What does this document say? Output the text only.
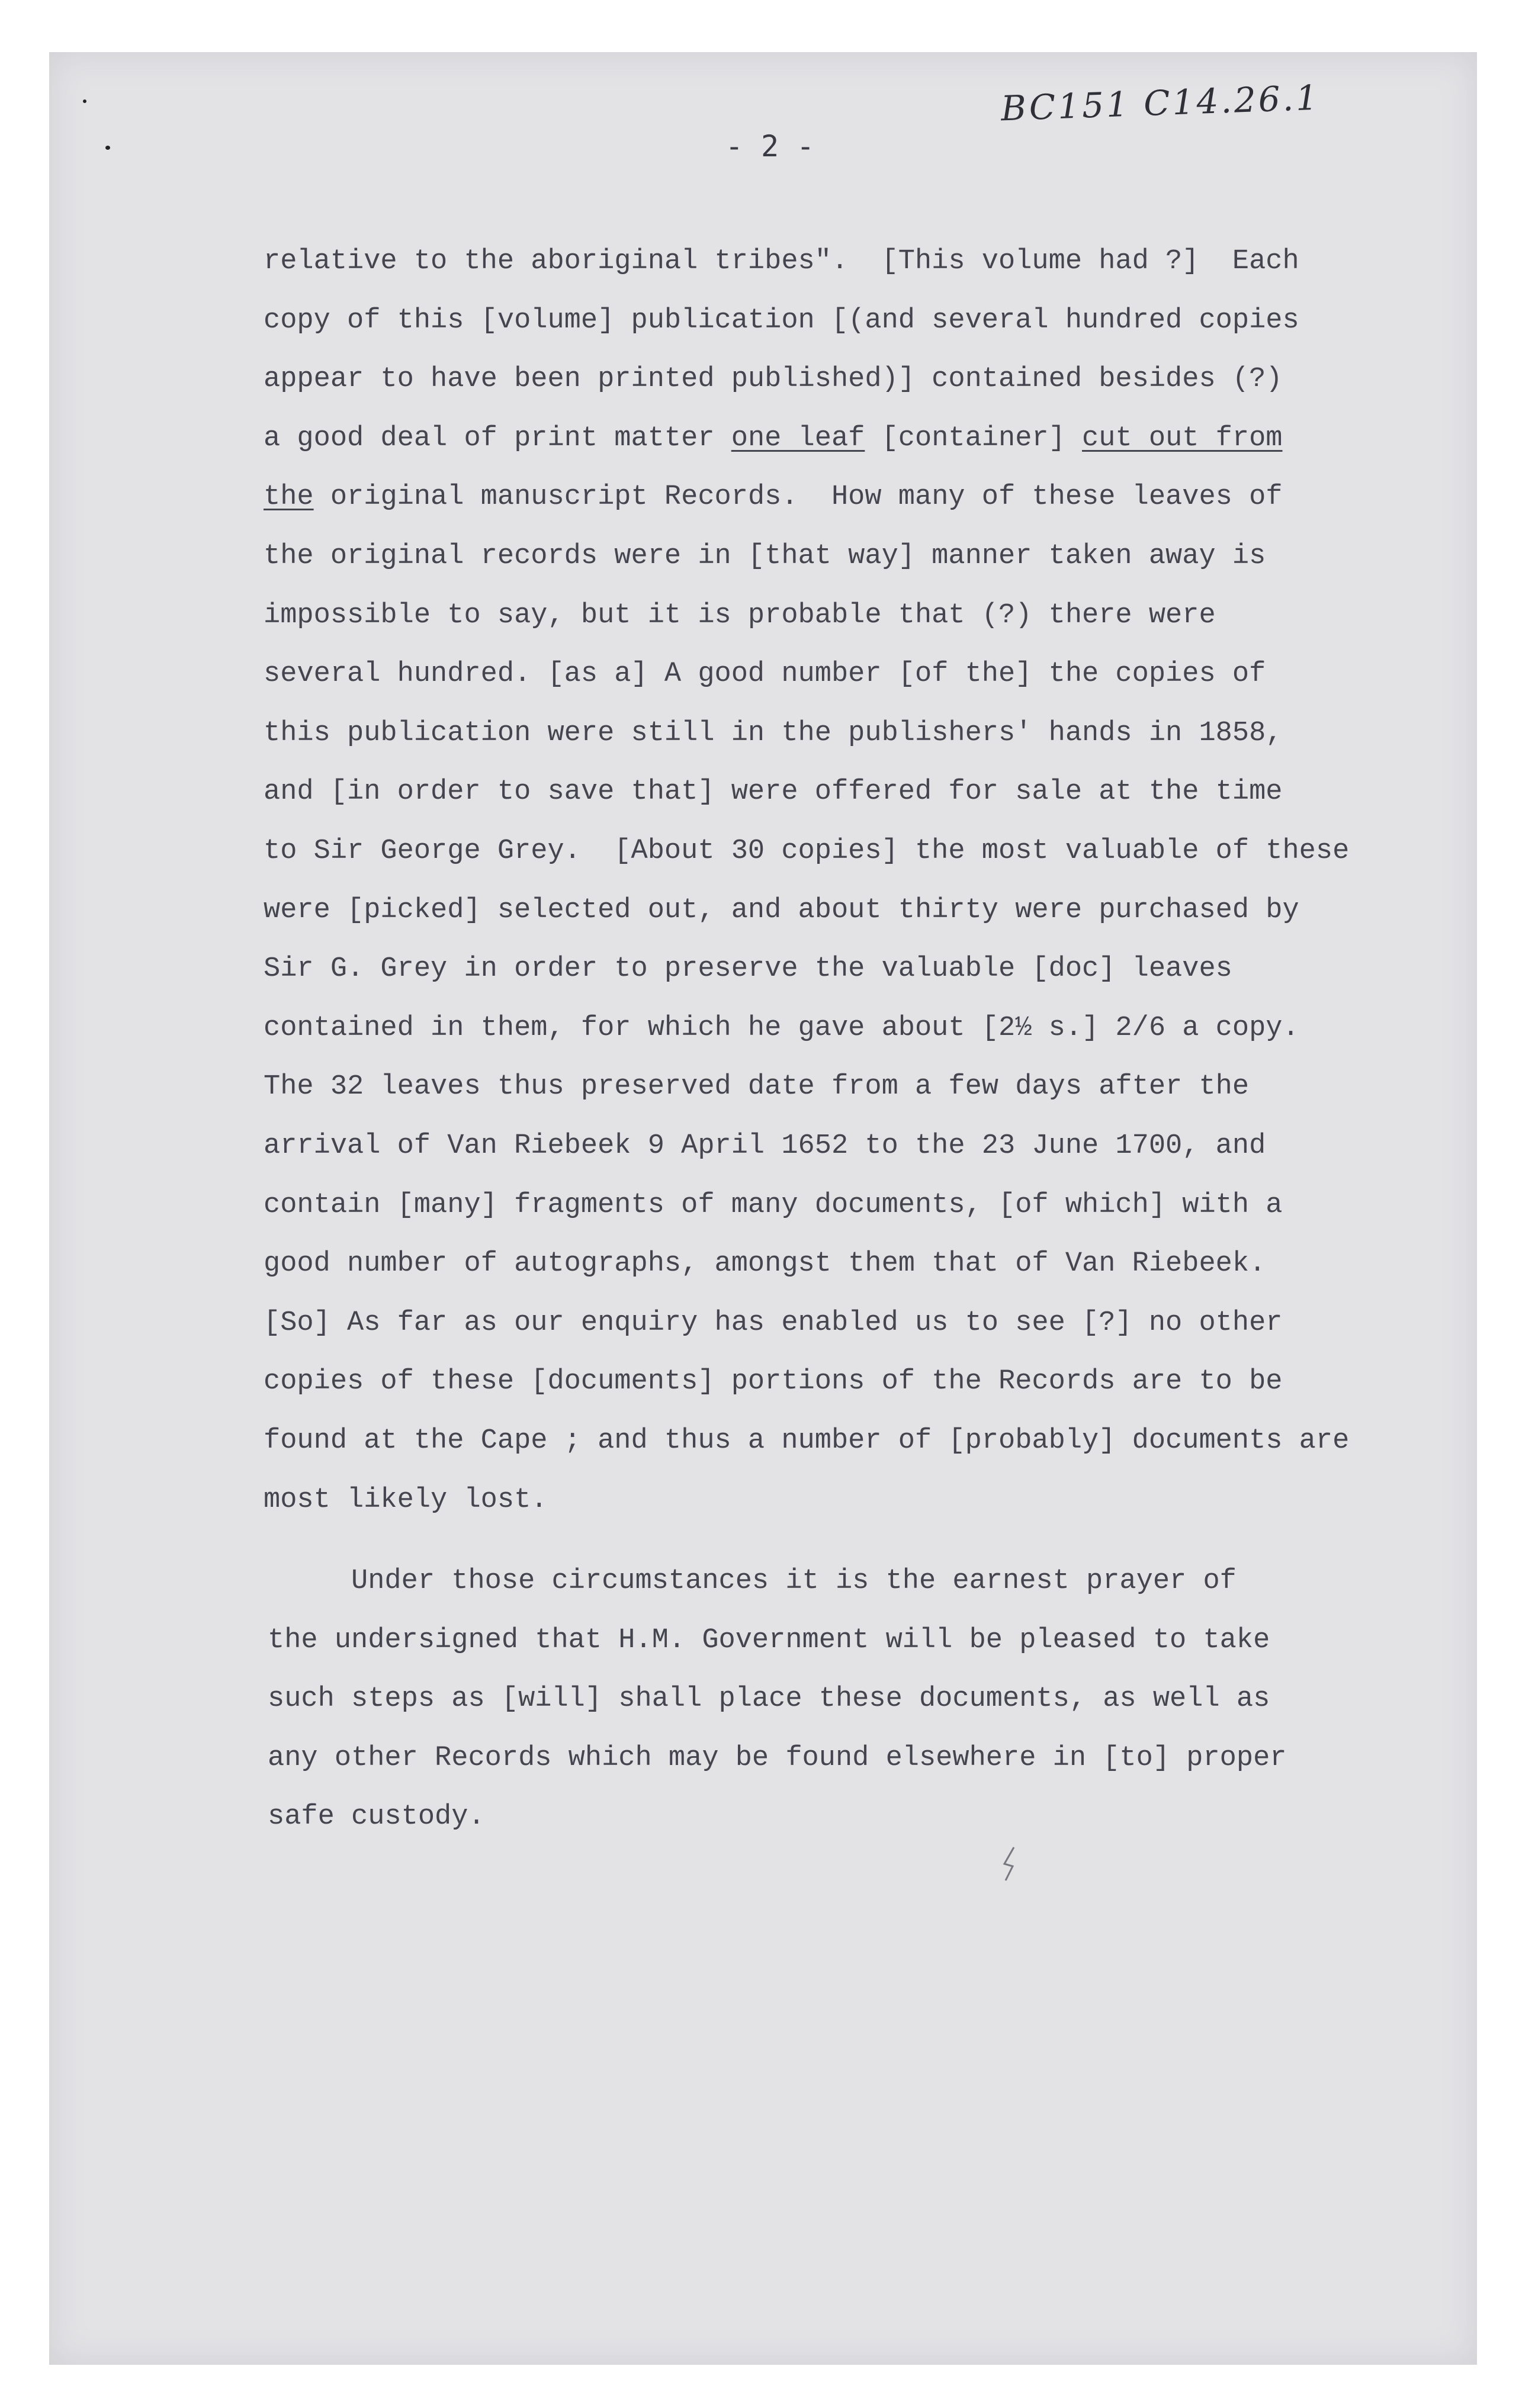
BC151 C14.26.1
- 2 -
relative to the aboriginal tribes".  [This volume had ?]  Each
copy of this [volume] publication [(and several hundred copies
appear to have been printed published)] contained besides (?)
a good deal of print matter one leaf [container] cut out from
the original manuscript Records.  How many of these leaves of
the original records were in [that way] manner taken away is
impossible to say, but it is probable that (?) there were
several hundred. [as a] A good number [of the] the copies of
this publication were still in the publishers' hands in 1858,
and [in order to save that] were offered for sale at the time
to Sir George Grey.  [About 30 copies] the most valuable of these
were [picked] selected out, and about thirty were purchased by
Sir G. Grey in order to preserve the valuable [doc] leaves
contained in them, for which he gave about [2½ s.] 2/6 a copy.
The 32 leaves thus preserved date from a few days after the
arrival of Van Riebeek 9 April 1652 to the 23 June 1700, and
contain [many] fragments of many documents, [of which] with a
good number of autographs, amongst them that of Van Riebeek.
[So] As far as our enquiry has enabled us to see [?] no other
copies of these [documents] portions of the Records are to be
found at the Cape ; and thus a number of [probably] documents are
most likely lost.
Under those circumstances it is the earnest prayer of
the undersigned that H.M. Government will be pleased to take
such steps as [will] shall place these documents, as well as
any other Records which may be found elsewhere in [to] proper
safe custody.
